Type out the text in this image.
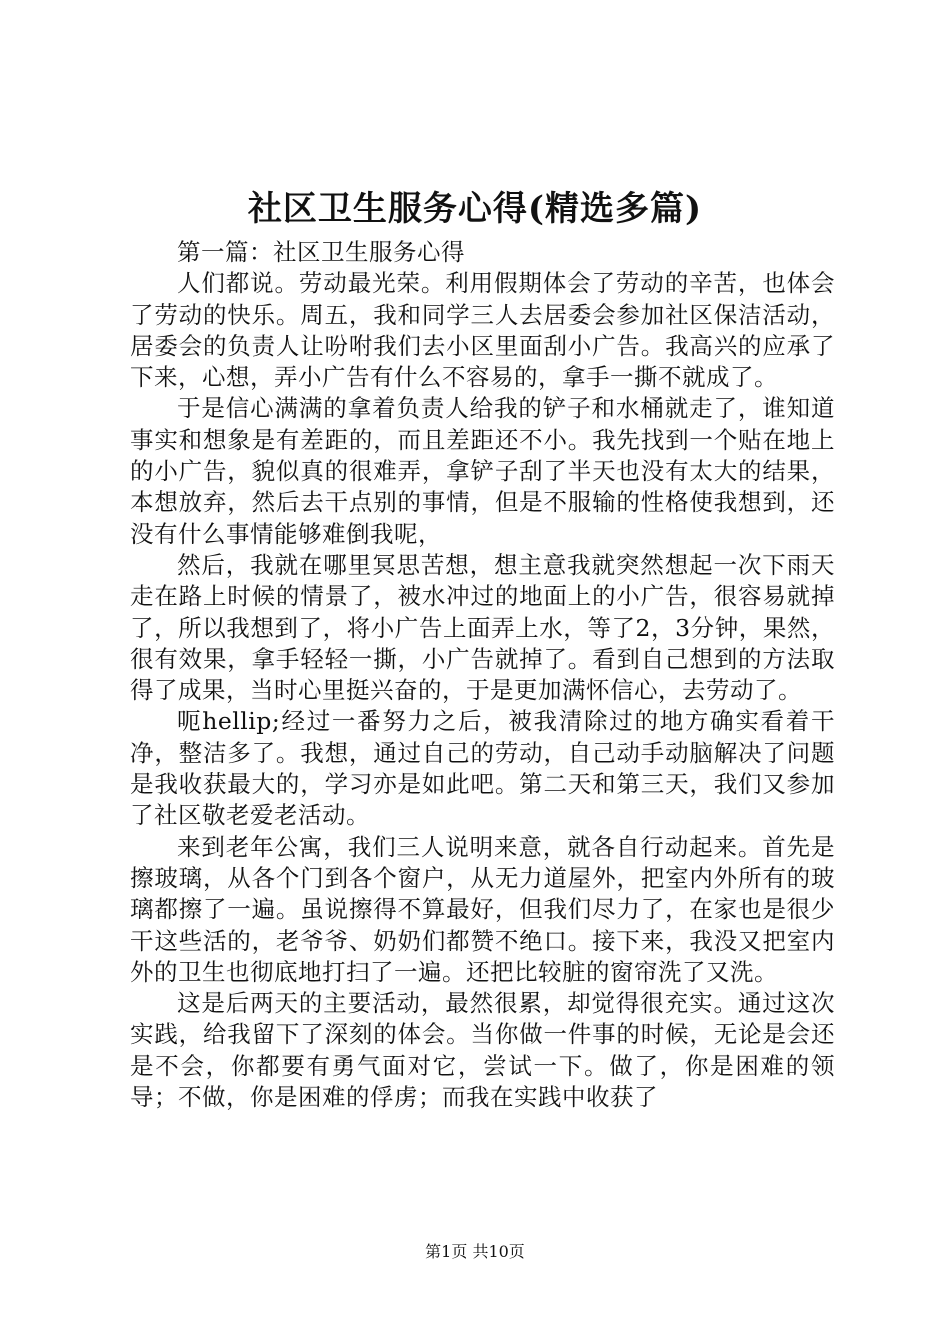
社区卫生服务心得(精选多篇)

第一篇：社区卫生服务心得

人们都说。劳动最光荣。利用假期体会了劳动的辛苦，也体会了劳动的快乐。周五，我和同学三人去居委会参加社区保洁活动，居委会的负责人让吩咐我们去小区里面刮小广告。我高兴的应承了下来，心想，弄小广告有什么不容易的，拿手一撕不就成了。

于是信心满满的拿着负责人给我的铲子和水桶就走了，谁知道事实和想象是有差距的，而且差距还不小。我先找到一个贴在地上的小广告，貌似真的很难弄，拿铲子刮了半天也没有太大的结果，本想放弃，然后去干点别的事情，但是不服输的性格使我想到，还没有什么事情能够难倒我呢，

然后，我就在哪里冥思苦想，想主意我就突然想起一次下雨天走在路上时候的情景了，被水冲过的地面上的小广告，很容易就掉了，所以我想到了，将小广告上面弄上水，等了2，3分钟，果然，很有效果，拿手轻轻一撕，小广告就掉了。看到自己想到的方法取得了成果，当时心里挺兴奋的，于是更加满怀信心，去劳动了。

呃hellip;经过一番努力之后，被我清除过的地方确实看着干净，整洁多了。我想，通过自己的劳动，自己动手动脑解决了问题是我收获最大的，学习亦是如此吧。第二天和第三天，我们又参加了社区敬老爱老活动。

来到老年公寓，我们三人说明来意，就各自行动起来。首先是擦玻璃，从各个门到各个窗户，从无力道屋外，把室内外所有的玻璃都擦了一遍。虽说擦得不算最好，但我们尽力了，在家也是很少干这些活的，老爷爷、奶奶们都赞不绝口。接下来，我没又把室内外的卫生也彻底地打扫了一遍。还把比较脏的窗帘洗了又洗。

这是后两天的主要活动，最然很累，却觉得很充实。通过这次实践，给我留下了深刻的体会。当你做一件事的时候，无论是会还是不会，你都要有勇气面对它，尝试一下。做了，你是困难的领导；不做，你是困难的俘虏；而我在实践中收获了

第1页 共10页
